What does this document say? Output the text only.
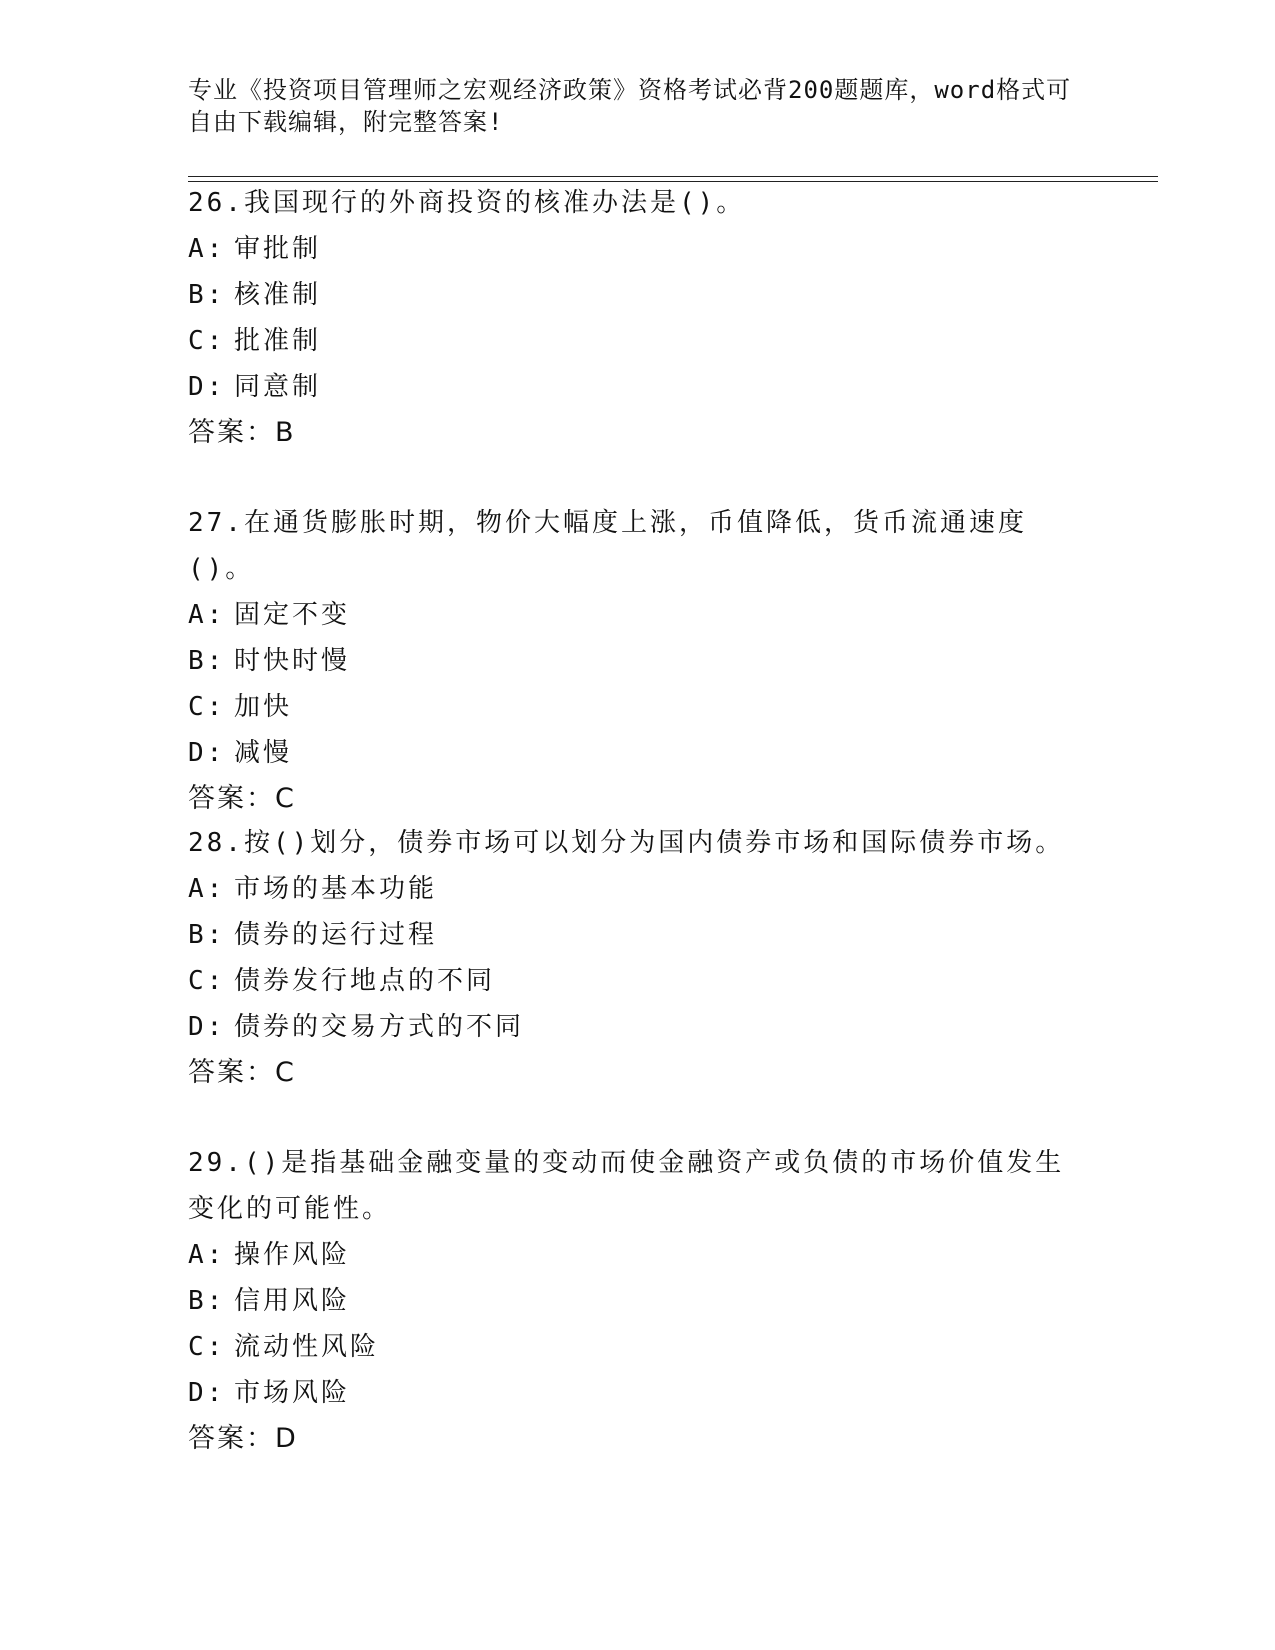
专业《投资项目管理师之宏观经济政策》资格考试必背200题题库，word格式可自由下载编辑，附完整答案!
26.我国现行的外商投资的核准办法是()。
A: 审批制
B: 核准制
C: 批准制
D: 同意制
答案：B
27.在通货膨胀时期，物价大幅度上涨，币值降低，货币流通速度()。
A: 固定不变
B: 时快时慢
C: 加快
D: 减慢
答案：C
28.按()划分，债券市场可以划分为国内债券市场和国际债券市场。
A: 市场的基本功能
B: 债券的运行过程
C: 债券发行地点的不同
D: 债券的交易方式的不同
答案：C
29.()是指基础金融变量的变动而使金融资产或负债的市场价值发生变化的可能性。
A: 操作风险
B: 信用风险
C: 流动性风险
D: 市场风险
答案：D
